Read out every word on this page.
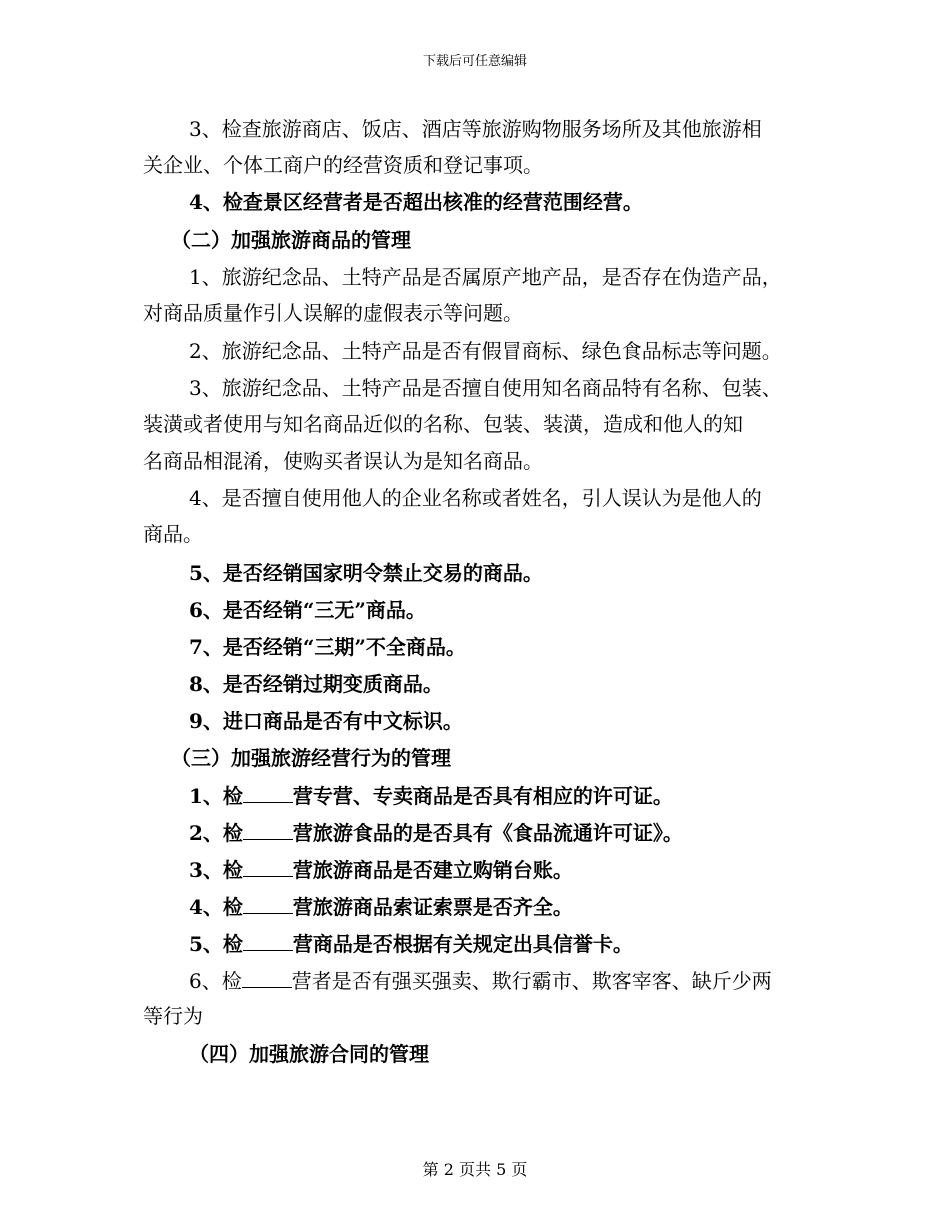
下载后可任意编辑
3、检查旅游商店、饭店、酒店等旅游购物服务场所及其他旅游相
关企业、个体工商户的经营资质和登记事项。
4、检查景区经营者是否超出核准的经营范围经营。
（二）加强旅游商品的管理
1、旅游纪念品、土特产品是否属原产地产品，是否存在伪造产品，
对商品质量作引人误解的虚假表示等问题。
2、旅游纪念品、土特产品是否有假冒商标、绿色食品标志等问题。
3、旅游纪念品、土特产品是否擅自使用知名商品特有名称、包装、
装潢或者使用与知名商品近似的名称、包装、装潢，造成和他人的知
名商品相混淆，使购买者误认为是知名商品。
4、是否擅自使用他人的企业名称或者姓名，引人误认为是他人的
商品。
5、是否经销国家明令禁止交易的商品。
6、是否经销“三无”商品。
7、是否经销“三期”不全商品。
8、是否经销过期变质商品。
9、进口商品是否有中文标识。
（三）加强旅游经营行为的管理
1、检	营专营、专卖商品是否具有相应的许可证。
2、检	营旅游食品的是否具有《食品流通许可证》。
3、检	营旅游商品是否建立购销台账。
4、检	营旅游商品索证索票是否齐全。
5、检	营商品是否根据有关规定出具信誉卡。
6、检	营者是否有强买强卖、欺行霸市、欺客宰客、缺斤少两
等行为
（四）加强旅游合同的管理
第 2 页共 5 页
